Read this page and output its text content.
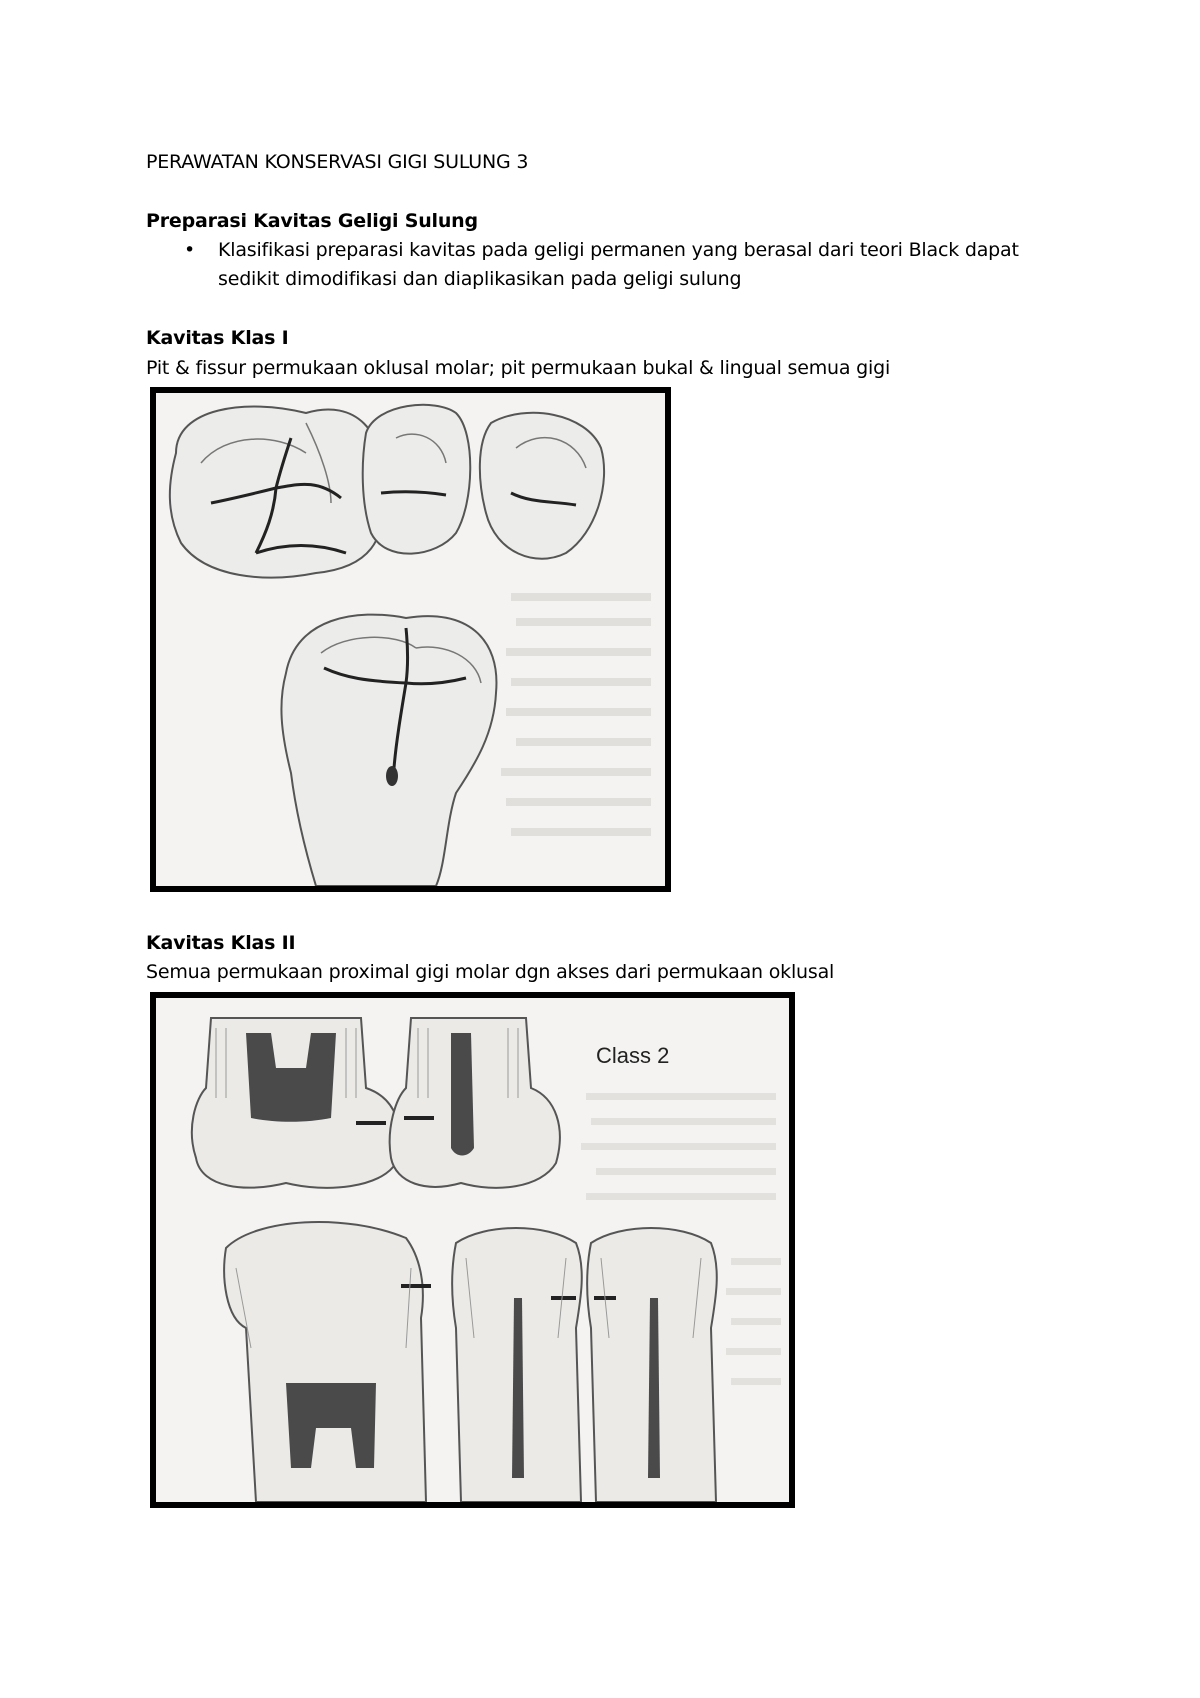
PERAWATAN KONSERVASI GIGI SULUNG 3
Preparasi Kavitas Geligi Sulung
• Klasifikasi preparasi kavitas pada geligi permanen yang berasal dari teori Black dapat
sedikit dimodifikasi dan diaplikasikan pada geligi sulung
Kavitas Klas I
Pit & fissur permukaan oklusal molar; pit permukaan bukal & lingual semua gigi
Kavitas Klas II
Semua permukaan proximal gigi molar dgn akses dari permukaan oklusal
Class 2
